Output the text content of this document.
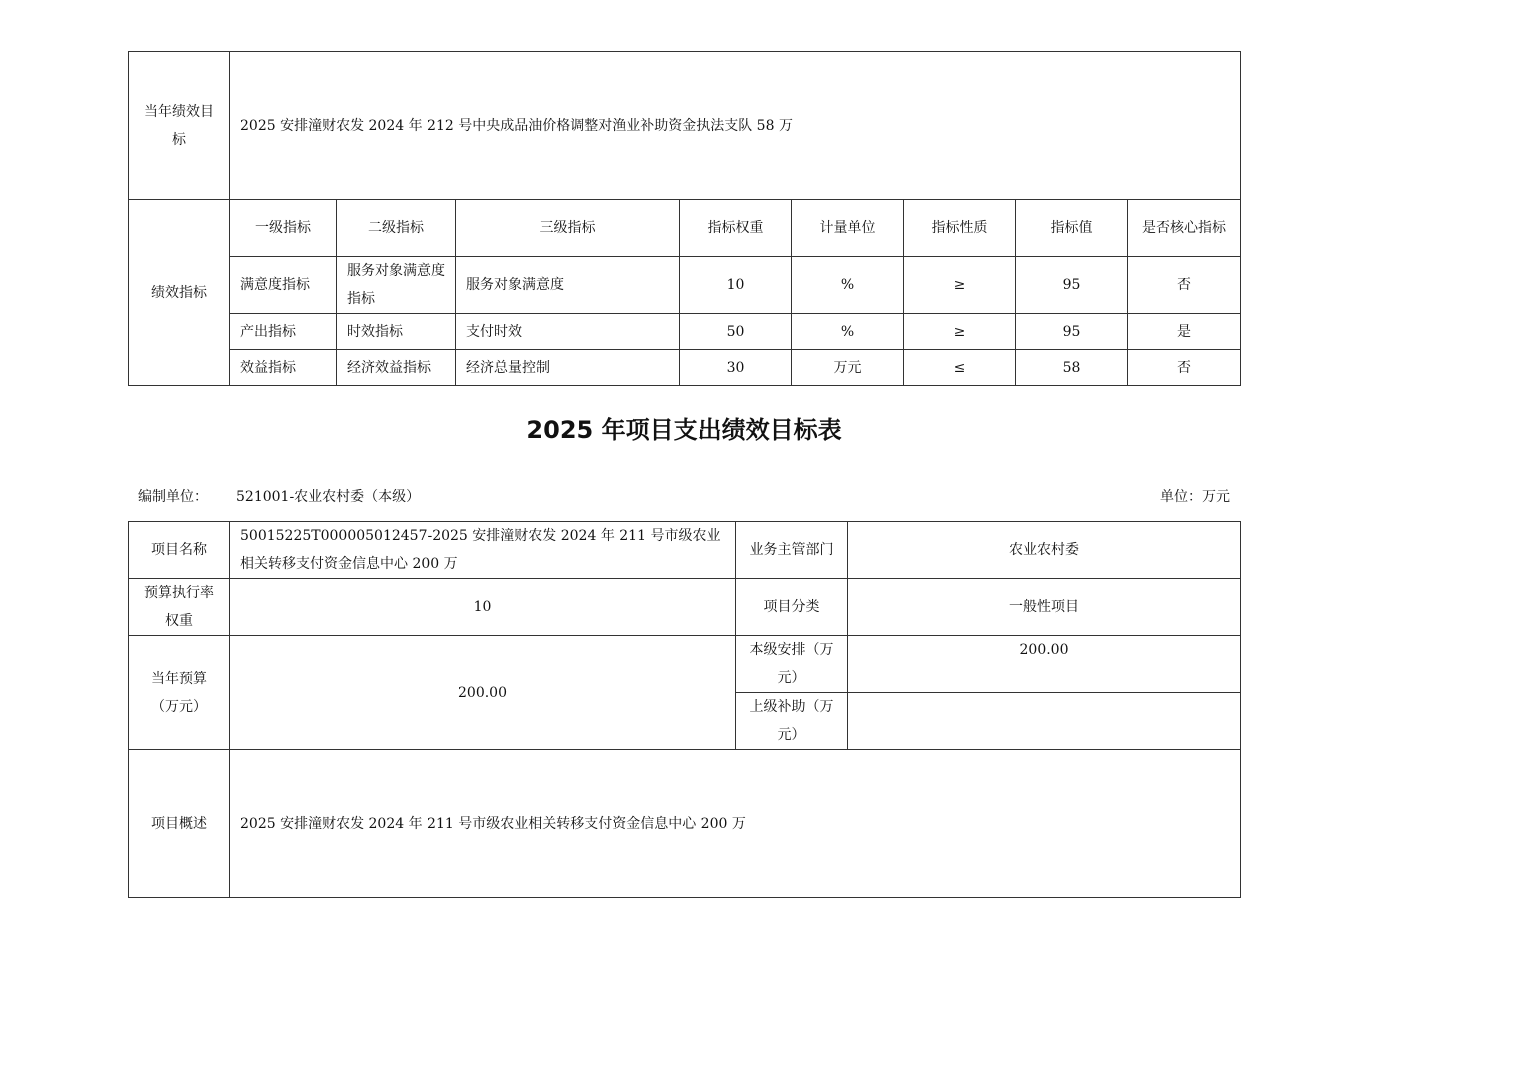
当年绩效目标	2025 安排潼财农发 2024 年 212 号中央成品油价格调整对渔业补助资金执法支队 58 万							
绩效指标	一级指标	二级指标	三级指标	指标权重	计量单位	指标性质	指标值	是否核心指标
	满意度指标	服务对象满意度指标	服务对象满意度	10	%	≥	95	否
	产出指标	时效指标	支付时效	50	%	≥	95	是
	效益指标	经济效益指标	经济总量控制	30	万元	≤	58	否
2025 年项目支出绩效目标表
编制单位： 521001-农业农村委（本级）	单位：万元
项目名称	50015225T000005012457-2025 安排潼财农发 2024 年 211 号市级农业相关转移支付资金信息中心 200 万	业务主管部门	农业农村委
预算执行率权重	10	项目分类	一般性项目
当年预算（万元）	200.00	本级安排（万元）	200.00
		上级补助（万元）	
项目概述	2025 安排潼财农发 2024 年 211 号市级农业相关转移支付资金信息中心 200 万		
